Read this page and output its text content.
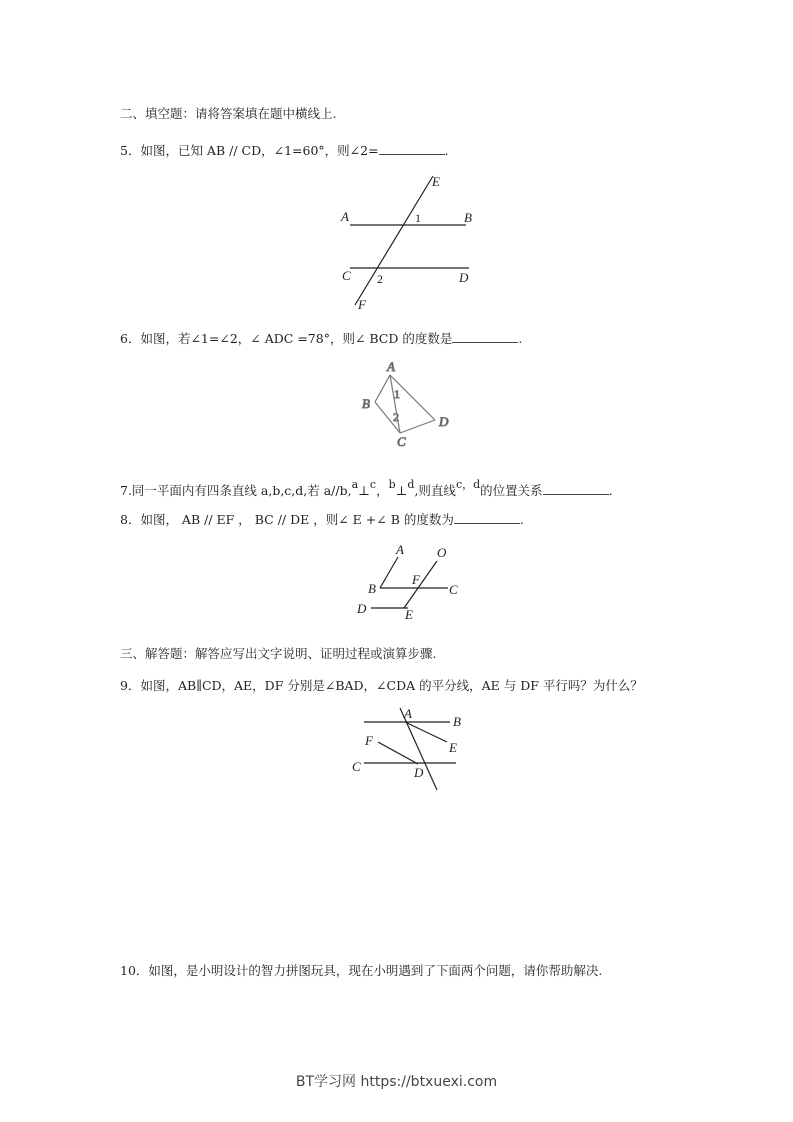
二、填空题：请将答案填在题中横线上.
5．如图，已知 AB // CD，∠1=60°，则∠2=	.
A	1	B
E
C 2	D
F
A
B
C
D
1
2
A	O
B
F
C
D	E
A
B
F	E
C	D
6．如图，若∠1=∠2，∠ ADC =78°，则∠ BCD 的度数是	.
7.同一平面内有四条直线 a,b,c,d,若 a//b,a⊥c，b⊥d,则直线c，d的位置关系	.
8．如图， AB // EF ， BC // DE ，则∠ E +∠ B 的度数为	.
三、解答题：解答应写出文字说明、证明过程或演算步骤.
9．如图，AB∥CD，AE，DF 分别是∠BAD，∠CDA 的平分线，AE 与 DF 平行吗？为什么？
10．如图，是小明设计的智力拼图玩具，现在小明遇到了下面两个问题，请你帮助解决.
BT学习网 https://btxuexi.com
